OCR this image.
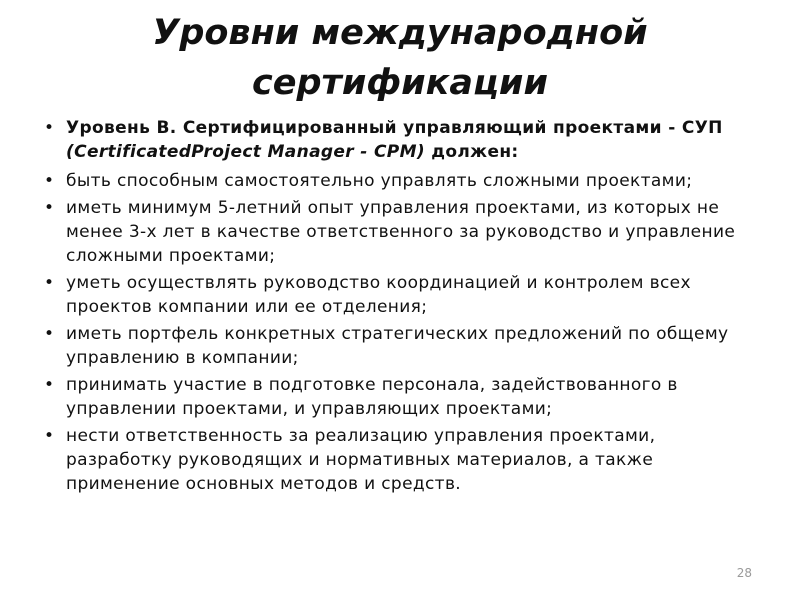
Уровни международной
сертификации

• Уровень B. Сертифицированный управляющий проектами - СУП (CertificatedProject Manager - CPM) должен:

• быть способным самостоятельно управлять сложными проектами;

• иметь минимум 5-летний опыт управления проектами, из которых не менее 3-х лет в качестве ответственного за руководство и управление сложными проектами;

• уметь осуществлять руководство координацией и контролем всех проектов компании или ее отделения;

• иметь портфель конкретных стратегических предложений по общему управлению в компании;

• принимать участие в подготовке персонала, задействованного в управлении проектами, и управляющих проектами;

• нести ответственность за реализацию управления проектами, разработку руководящих и нормативных материалов, а также применение основных методов и средств.

28
